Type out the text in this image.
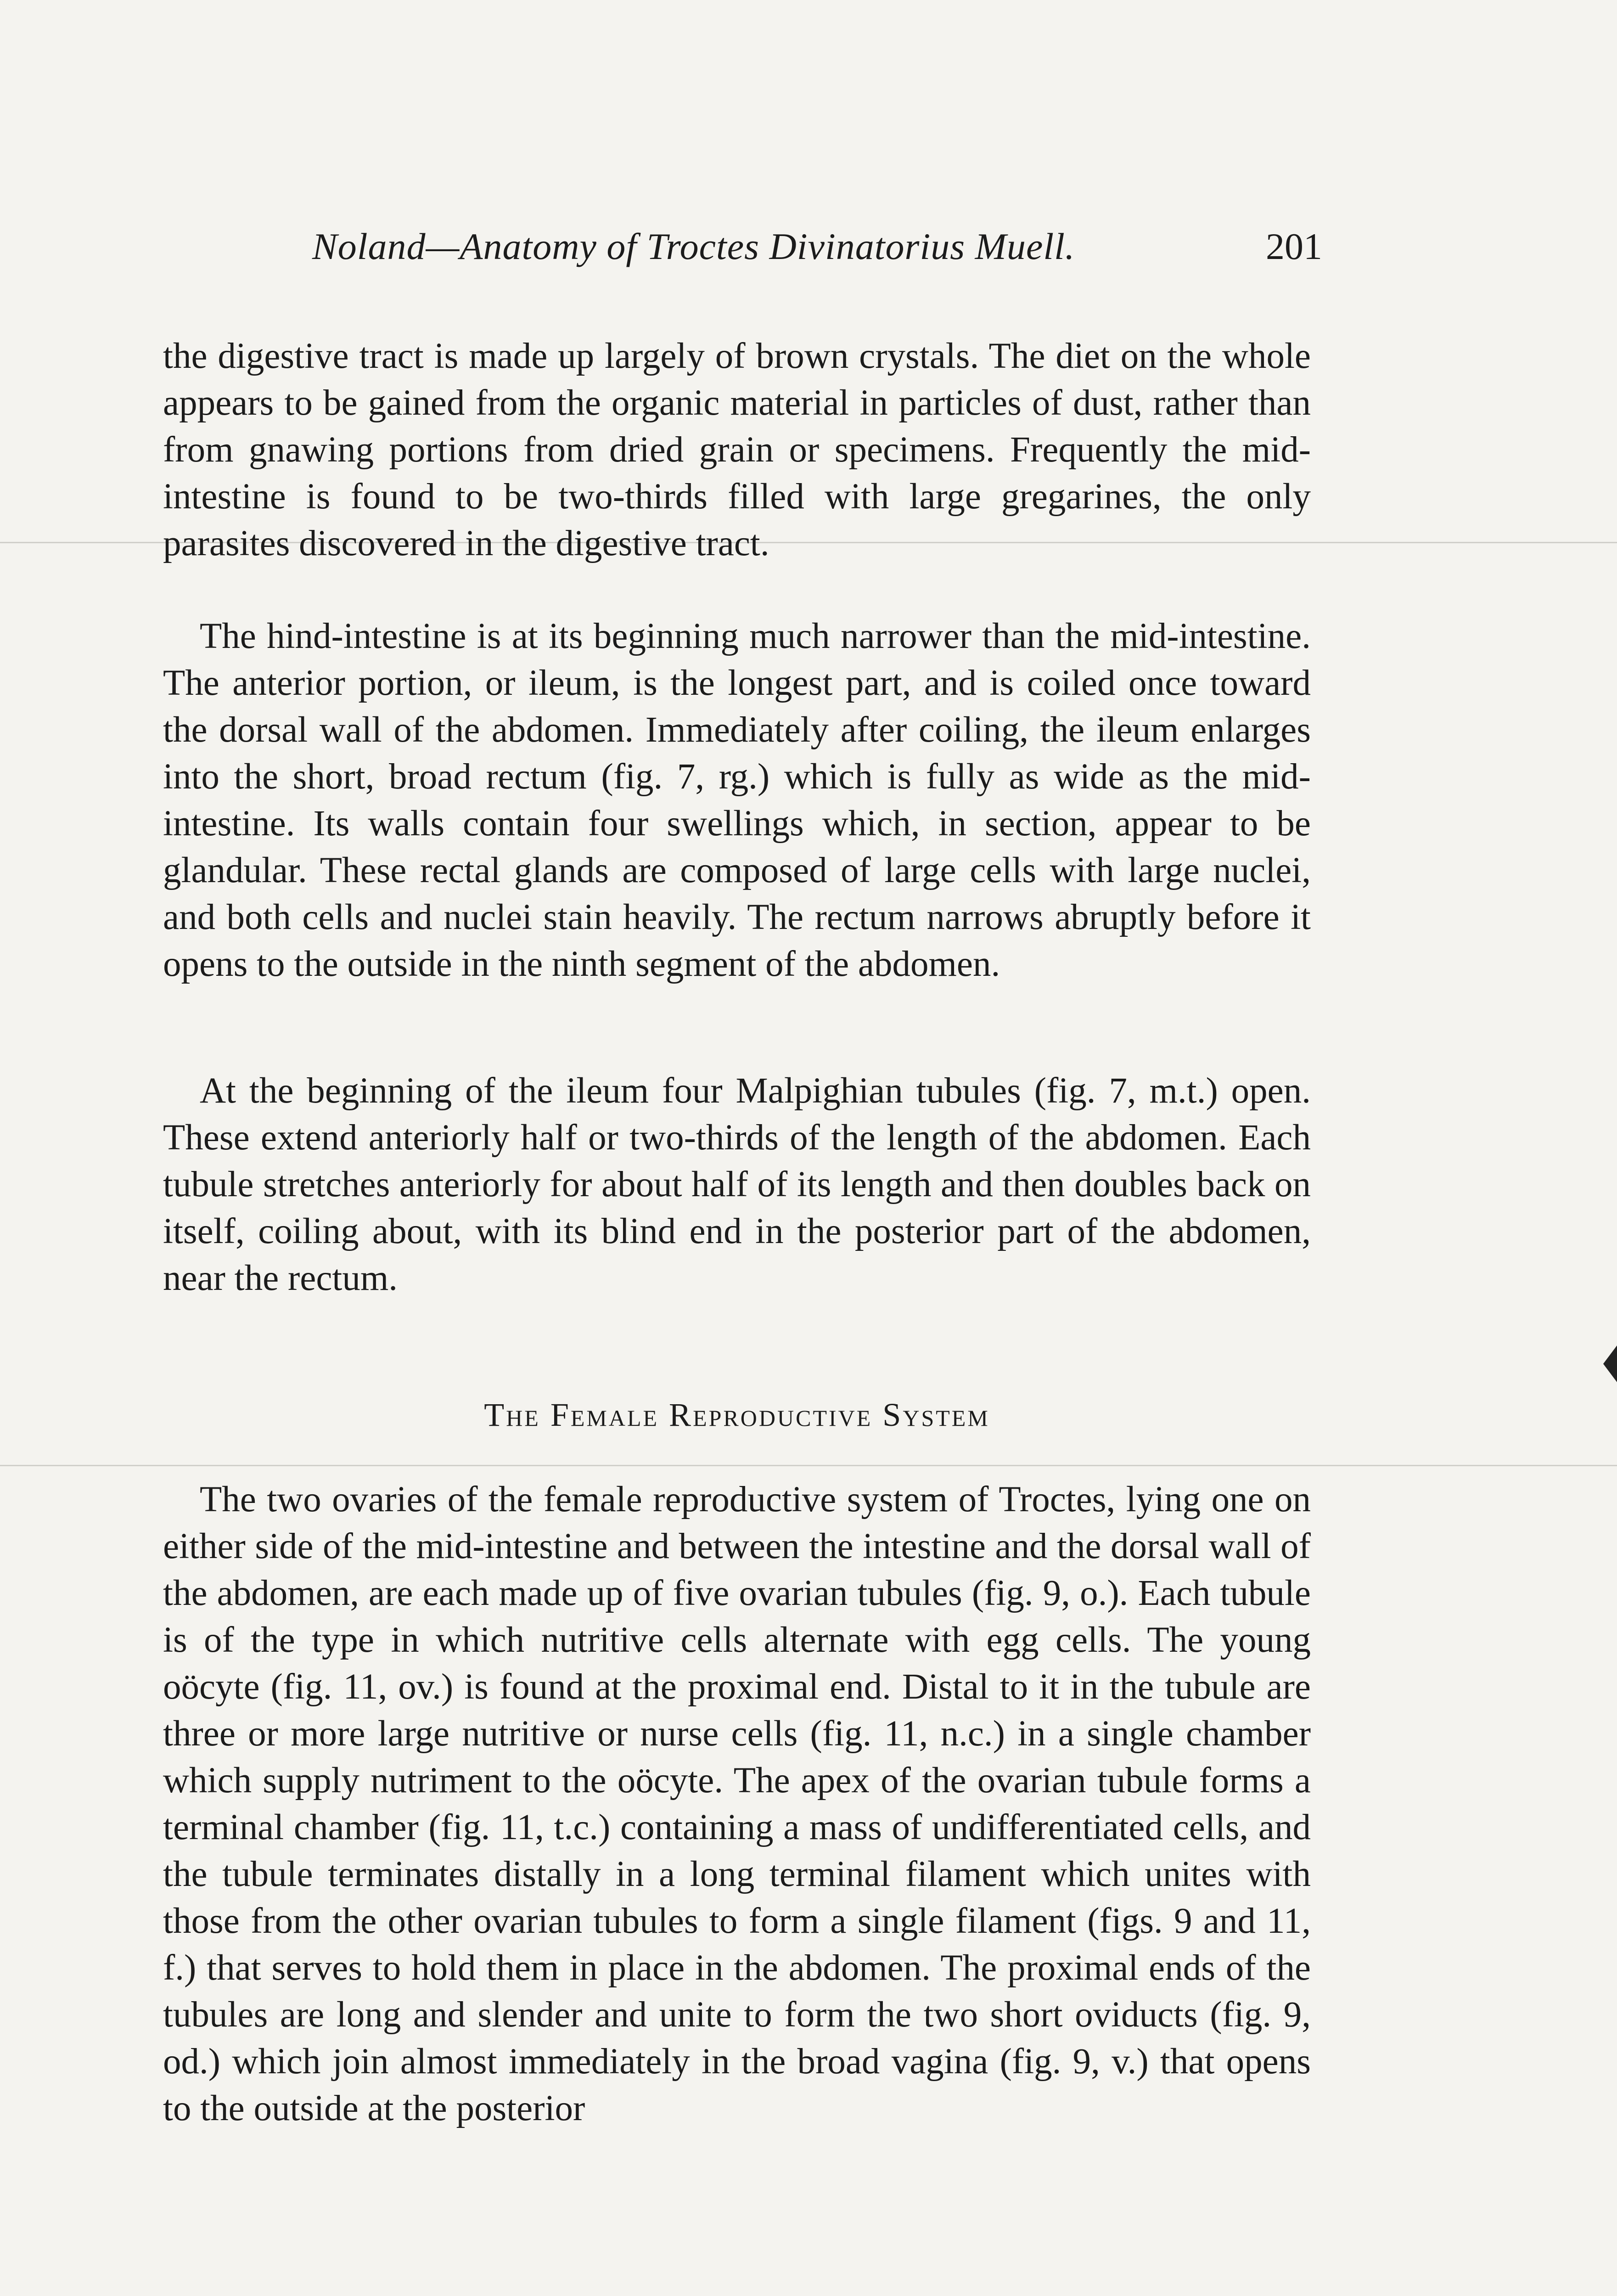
Noland—Anatomy of Troctes Divinatorius Muell.	201

the digestive tract is made up largely of brown crystals. The diet on the whole appears to be gained from the organic material in particles of dust, rather than from gnawing portions from dried grain or specimens. Frequently the mid-intestine is found to be two-thirds filled with large gregarines, the only parasites discovered in the digestive tract.

The hind-intestine is at its beginning much narrower than the mid-intestine. The anterior portion, or ileum, is the longest part, and is coiled once toward the dorsal wall of the abdomen. Immediately after coiling, the ileum enlarges into the short, broad rectum (fig. 7, rg.) which is fully as wide as the mid-intestine. Its walls contain four swellings which, in section, appear to be glandular. These rectal glands are composed of large cells with large nuclei, and both cells and nuclei stain heavily. The rectum narrows abruptly before it opens to the outside in the ninth segment of the abdomen.

At the beginning of the ileum four Malpighian tubules (fig. 7, m.t.) open. These extend anteriorly half or two-thirds of the length of the abdomen. Each tubule stretches anteriorly for about half of its length and then doubles back on itself, coiling about, with its blind end in the posterior part of the abdomen, near the rectum.

The Female Reproductive System

The two ovaries of the female reproductive system of Troctes, lying one on either side of the mid-intestine and between the intestine and the dorsal wall of the abdomen, are each made up of five ovarian tubules (fig. 9, o.). Each tubule is of the type in which nutritive cells alternate with egg cells. The young oöcyte (fig. 11, ov.) is found at the proximal end. Distal to it in the tubule are three or more large nutritive or nurse cells (fig. 11, n.c.) in a single chamber which supply nutriment to the oöcyte. The apex of the ovarian tubule forms a terminal chamber (fig. 11, t.c.) containing a mass of undifferentiated cells, and the tubule terminates distally in a long terminal filament which unites with those from the other ovarian tubules to form a single filament (figs. 9 and 11, f.) that serves to hold them in place in the abdomen. The proximal ends of the tubules are long and slender and unite to form the two short oviducts (fig. 9, od.) which join almost immediately in the broad vagina (fig. 9, v.) that opens to the outside at the posterior
